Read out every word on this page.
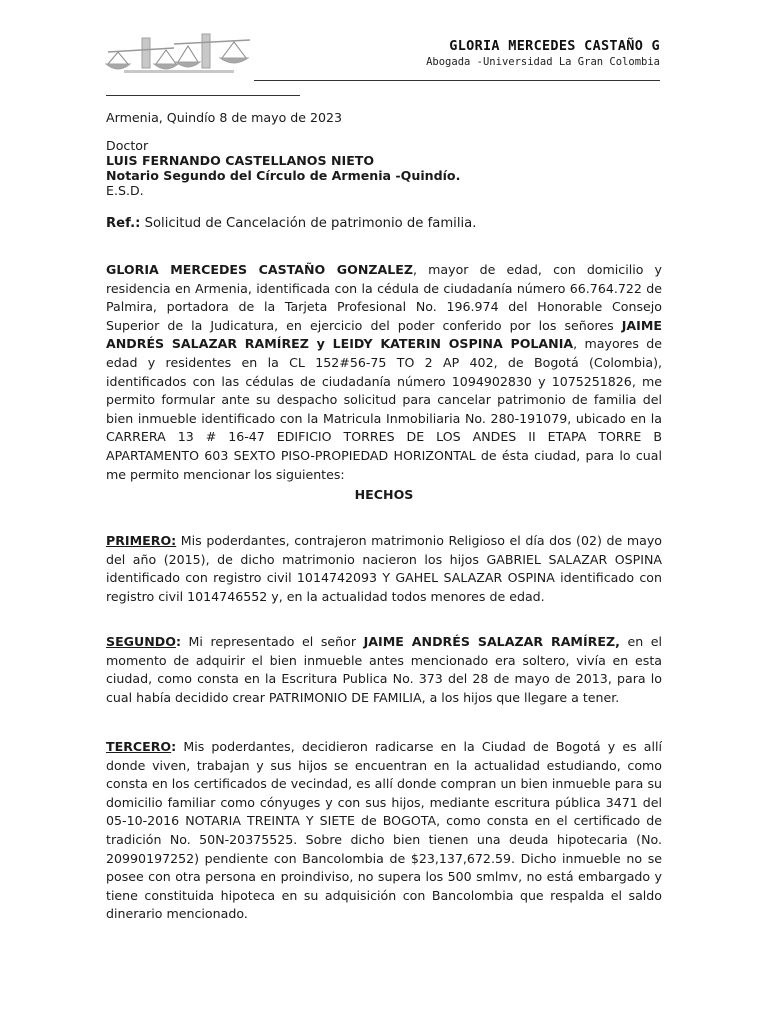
GLORIA MERCEDES CASTAÑO G
Abogada -Universidad La Gran Colombia
Armenia, Quindío 8 de mayo de 2023
Doctor
LUIS FERNANDO CASTELLANOS NIETO
Notario Segundo del Círculo de Armenia -Quindío.
E.S.D.
Ref.: Solicitud de Cancelación de patrimonio de familia.
GLORIA MERCEDES CASTAÑO GONZALEZ, mayor de edad, con domicilio y residencia en Armenia, identificada con la cédula de ciudadanía número 66.764.722 de Palmira, portadora de la Tarjeta Profesional No. 196.974 del Honorable Consejo Superior de la Judicatura, en ejercicio del poder conferido por los señores JAIME ANDRÉS SALAZAR RAMÍREZ y LEIDY KATERIN OSPINA POLANIA, mayores de edad y residentes en la CL 152#56-75 TO 2 AP 402, de Bogotá (Colombia), identificados con las cédulas de ciudadanía número 1094902830 y 1075251826, me permito formular ante su despacho solicitud para cancelar patrimonio de familia del bien inmueble identificado con la Matricula Inmobiliaria No. 280-191079, ubicado en la CARRERA 13 # 16-47 EDIFICIO TORRES DE LOS ANDES II ETAPA TORRE B APARTAMENTO 603 SEXTO PISO-PROPIEDAD HORIZONTAL de ésta ciudad, para lo cual me permito mencionar los siguientes:
HECHOS
PRIMERO: Mis poderdantes, contrajeron matrimonio Religioso el día dos (02) de mayo del año (2015), de dicho matrimonio nacieron los hijos GABRIEL SALAZAR OSPINA identificado con registro civil 1014742093 Y GAHEL SALAZAR OSPINA identificado con registro civil 1014746552 y, en la actualidad todos menores de edad.
SEGUNDO: Mi representado el señor JAIME ANDRÉS SALAZAR RAMÍREZ, en el momento de adquirir el bien inmueble antes mencionado era soltero, vivía en esta ciudad, como consta en la Escritura Publica No. 373 del 28 de mayo de 2013, para lo cual había decidido crear PATRIMONIO DE FAMILIA, a los hijos que llegare a tener.
TERCERO: Mis poderdantes, decidieron radicarse en la Ciudad de Bogotá y es allí donde viven, trabajan y sus hijos se encuentran en la actualidad estudiando, como consta en los certificados de vecindad, es allí donde compran un bien inmueble para su domicilio familiar como cónyuges y con sus hijos, mediante escritura pública 3471 del 05-10-2016 NOTARIA TREINTA Y SIETE de BOGOTA, como consta en el certificado de tradición No. 50N-20375525. Sobre dicho bien tienen una deuda hipotecaria (No. 20990197252) pendiente con Bancolombia de $23,137,672.59. Dicho inmueble no se posee con otra persona en proindiviso, no supera los 500 smlmv, no está embargado y tiene constituida hipoteca en su adquisición con Bancolombia que respalda el saldo dinerario mencionado.
